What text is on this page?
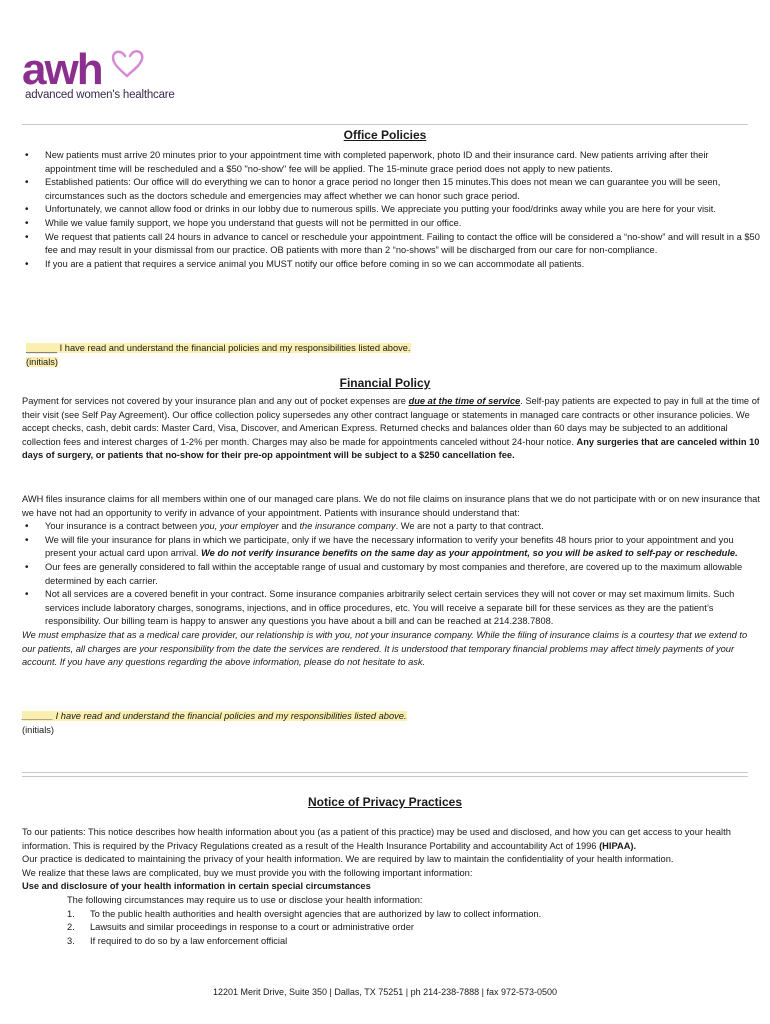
awh
advanced women's healthcare
Office Policies
• New patients must arrive 20 minutes prior to your appointment time with completed paperwork, photo ID and their insurance card. New patients arriving after their appointment time will be rescheduled and a $50 "no-show" fee will be applied. The 15-minute grace period does not apply to new patients.
• Established patients: Our office will do everything we can to honor a grace period no longer then 15 minutes.This does not mean we can guarantee you will be seen, circumstances such as the doctors schedule and emergencies may affect whether we can honor such grace period.
• Unfortunately, we cannot allow food or drinks in our lobby due to numerous spills. We appreciate you putting your food/drinks away while you are here for your visit.
• While we value family support, we hope you understand that guests will not be permitted in our office.
• We request that patients call 24 hours in advance to cancel or reschedule your appointment. Failing to contact the office will be considered a “no-show” and will result in a $50 fee and may result in your dismissal from our practice. OB patients with more than 2 “no-shows” will be discharged from our care for non-compliance.
• If you are a patient that requires a service animal you MUST notify our office before coming in so we can accommodate all patients.
______ I have read and understand the financial policies and my responsibilities listed above.
(initials)
Financial Policy
Payment for services not covered by your insurance plan and any out of pocket expenses are due at the time of service. Self-pay patients are expected to pay in full at the time of their visit (see Self Pay Agreement). Our office collection policy supersedes any other contract language or statements in managed care contracts or other insurance policies. We accept checks, cash, debit cards: Master Card, Visa, Discover, and American Express. Returned checks and balances older than 60 days may be subjected to an additional collection fees and interest charges of 1-2% per month. Charges may also be made for appointments canceled without 24-hour notice. Any surgeries that are canceled within 10 days of surgery, or patients that no-show for their pre-op appointment will be subject to a $250 cancellation fee.
AWH files insurance claims for all members within one of our managed care plans. We do not file claims on insurance plans that we do not participate with or on new insurance that we have not had an opportunity to verify in advance of your appointment. Patients with insurance should understand that:
• Your insurance is a contract between you, your employer and the insurance company. We are not a party to that contract.
• We will file your insurance for plans in which we participate, only if we have the necessary information to verify your benefits 48 hours prior to your appointment and you present your actual card upon arrival. We do not verify insurance benefits on the same day as your appointment, so you will be asked to self-pay or reschedule.
• Our fees are generally considered to fall within the acceptable range of usual and customary by most companies and therefore, are covered up to the maximum allowable determined by each carrier.
• Not all services are a covered benefit in your contract. Some insurance companies arbitrarily select certain services they will not cover or may set maximum limits. Such services include laboratory charges, sonograms, injections, and in office procedures, etc. You will receive a separate bill for these services as they are the patient’s responsibility. Our billing team is happy to answer any questions you have about a bill and can be reached at 214.238.7808.
We must emphasize that as a medical care provider, our relationship is with you, not your insurance company. While the filing of insurance claims is a courtesy that we extend to our patients, all charges are your responsibility from the date the services are rendered. It is understood that temporary financial problems may affect timely payments of your account. If you have any questions regarding the above information, please do not hesitate to ask.
______ I have read and understand the financial policies and my responsibilities listed above.
(initials)
Notice of Privacy Practices
To our patients: This notice describes how health information about you (as a patient of this practice) may be used and disclosed, and how you can get access to your health information. This is required by the Privacy Regulations created as a result of the Health Insurance Portability and accountability Act of 1996 (HIPAA).
Our practice is dedicated to maintaining the privacy of your health information. We are required by law to maintain the confidentiality of your health information.
We realize that these laws are complicated, buy we must provide you with the following important information:
Use and disclosure of your health information in certain special circumstances
The following circumstances may require us to use or disclose your health information:
1. To the public health authorities and health oversight agencies that are authorized by law to collect information.
2. Lawsuits and similar proceedings in response to a court or administrative order
3. If required to do so by a law enforcement official
12201 Merit Drive, Suite 350 | Dallas, TX 75251 | ph 214-238-7888 | fax 972-573-0500
